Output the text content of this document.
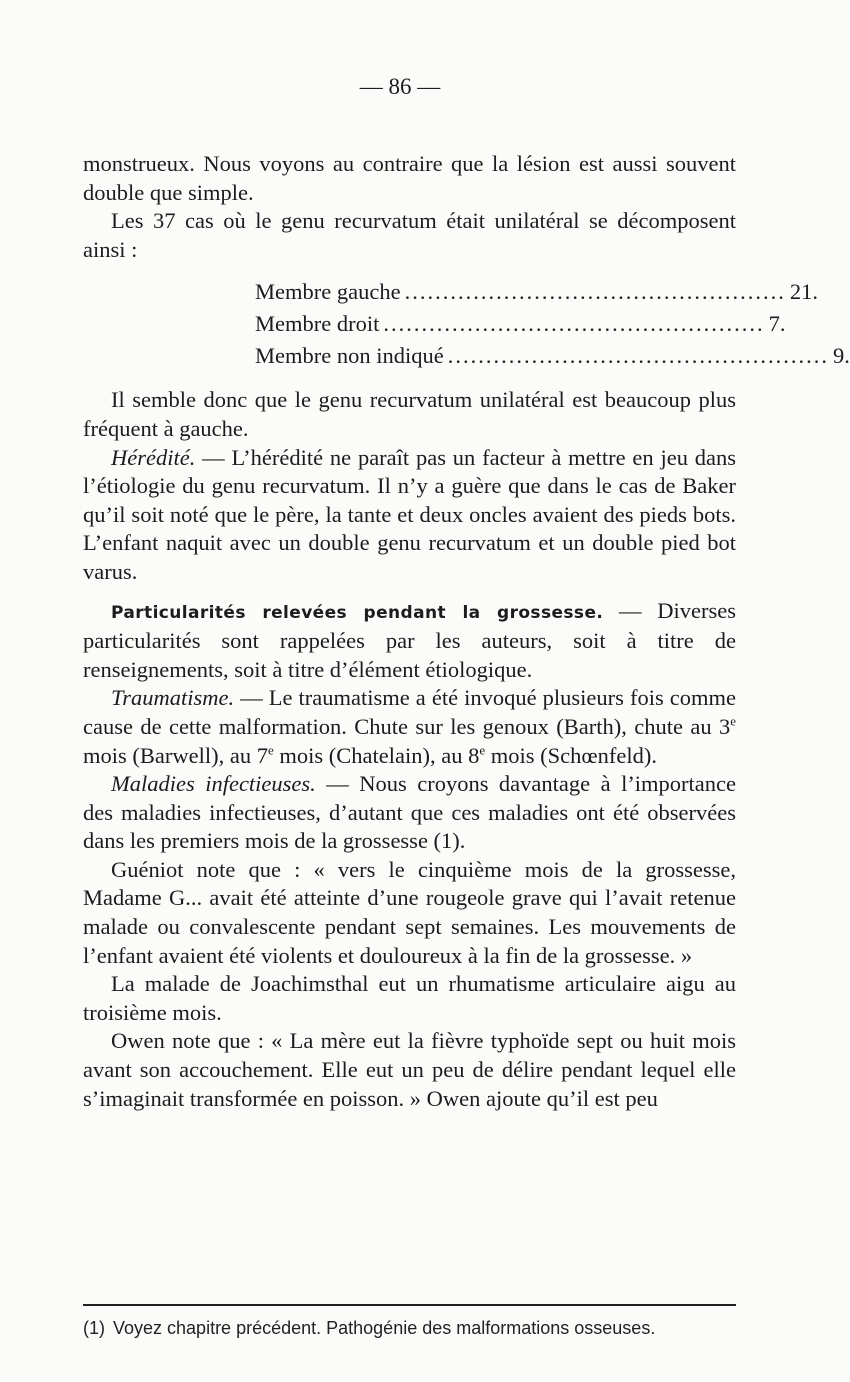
— 86 —

monstrueux. Nous voyons au contraire que la lésion est aussi souvent double que simple.

Les 37 cas où le genu recurvatum était unilatéral se décomposent ainsi :

Membre gauche .................................................. 21.
Membre droit .................................................. 7.
Membre non indiqué .................................................. 9.

Il semble donc que le genu recurvatum unilatéral est beaucoup plus fréquent à gauche.

Hérédité. — L’hérédité ne paraît pas un facteur à mettre en jeu dans l’étiologie du genu recurvatum. Il n’y a guère que dans le cas de Baker qu’il soit noté que le père, la tante et deux oncles avaient des pieds bots. L’enfant naquit avec un double genu recurvatum et un double pied bot varus.

Particularités relevées pendant la grossesse. — Diverses particularités sont rappelées par les auteurs, soit à titre de renseignements, soit à titre d’élément étiologique.

Traumatisme. — Le traumatisme a été invoqué plusieurs fois comme cause de cette malformation. Chute sur les genoux (Barth), chute au 3e mois (Barwell), au 7e mois (Chatelain), au 8e mois (Schœnfeld).

Maladies infectieuses. — Nous croyons davantage à l’importance des maladies infectieuses, d’autant que ces maladies ont été observées dans les premiers mois de la grossesse (1).

Guéniot note que : « vers le cinquième mois de la grossesse, Madame G... avait été atteinte d’une rougeole grave qui l’avait retenue malade ou convalescente pendant sept semaines. Les mouvements de l’enfant avaient été violents et douloureux à la fin de la grossesse. »

La malade de Joachimsthal eut un rhumatisme articulaire aigu au troisième mois.

Owen note que : « La mère eut la fièvre typhoïde sept ou huit mois avant son accouchement. Elle eut un peu de délire pendant lequel elle s’imaginait transformée en poisson. » Owen ajoute qu’il est peu

(1) Voyez chapitre précédent. Pathogénie des malformations osseuses.
